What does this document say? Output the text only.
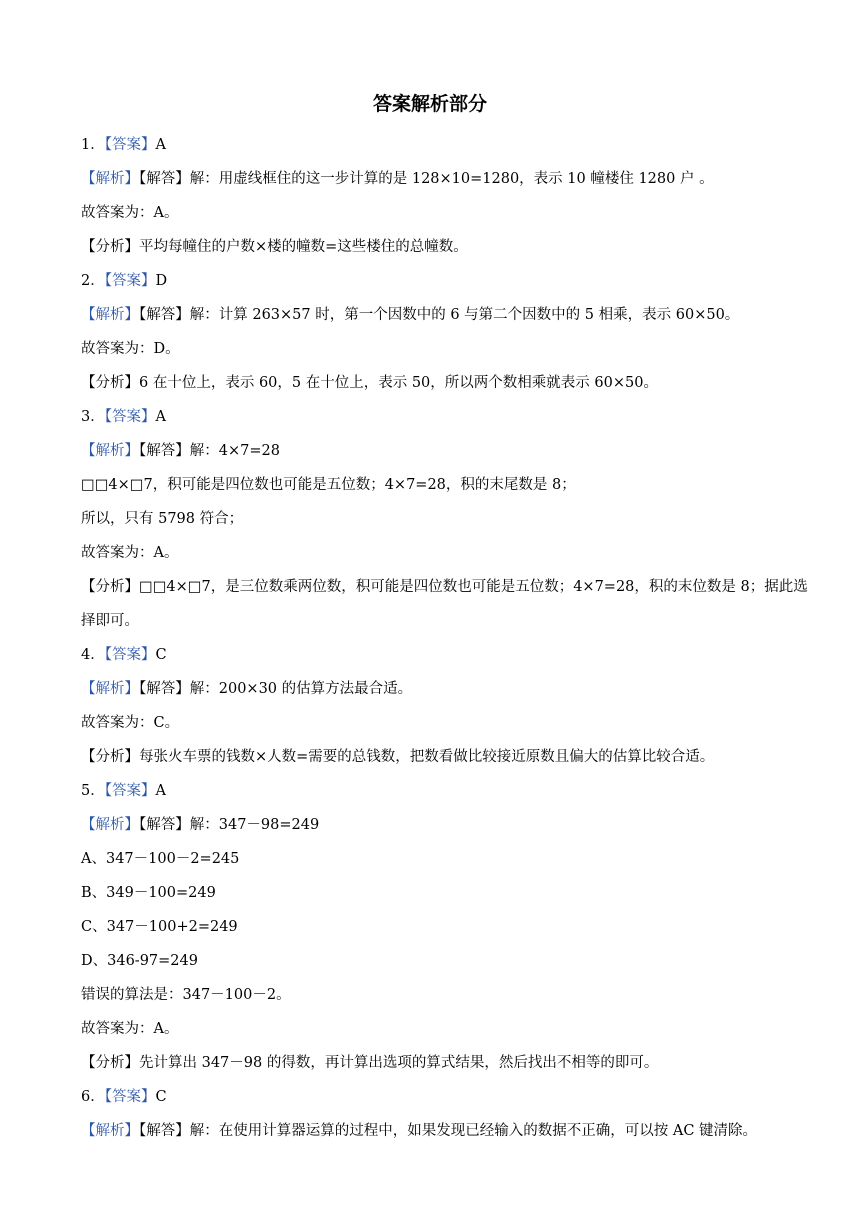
答案解析部分
1．【答案】A
【解析】【解答】解：用虚线框住的这一步计算的是 128×10=1280，表示 10 幢楼住 1280 户 。
故答案为：A。
【分析】平均每幢住的户数×楼的幢数=这些楼住的总幢数。
2．【答案】D
【解析】【解答】解：计算 263×57 时，第一个因数中的 6 与第二个因数中的 5 相乘，表示 60×50。
故答案为：D。
【分析】6 在十位上，表示 60，5 在十位上，表示 50，所以两个数相乘就表示 60×50。
3．【答案】A
【解析】【解答】解：4×7=28
□□4×□7，积可能是四位数也可能是五位数；4×7=28，积的末尾数是 8；
所以，只有 5798 符合；
故答案为：A。
【分析】□□4×□7，是三位数乘两位数，积可能是四位数也可能是五位数；4×7=28，积的末位数是 8；据此选择即可。
4．【答案】C
【解析】【解答】解：200×30 的估算方法最合适。
故答案为：C。
【分析】每张火车票的钱数×人数=需要的总钱数，把数看做比较接近原数且偏大的估算比较合适。
5．【答案】A
【解析】【解答】解：347－98=249
A、347－100－2=245
B、349－100=249
C、347－100+2=249
D、346-97=249
错误的算法是：347－100－2。
故答案为：A。
【分析】先计算出 347－98 的得数，再计算出选项的算式结果，然后找出不相等的即可。
6．【答案】C
【解析】【解答】解：在使用计算器运算的过程中，如果发现已经输入的数据不正确，可以按 AC 键清除。
